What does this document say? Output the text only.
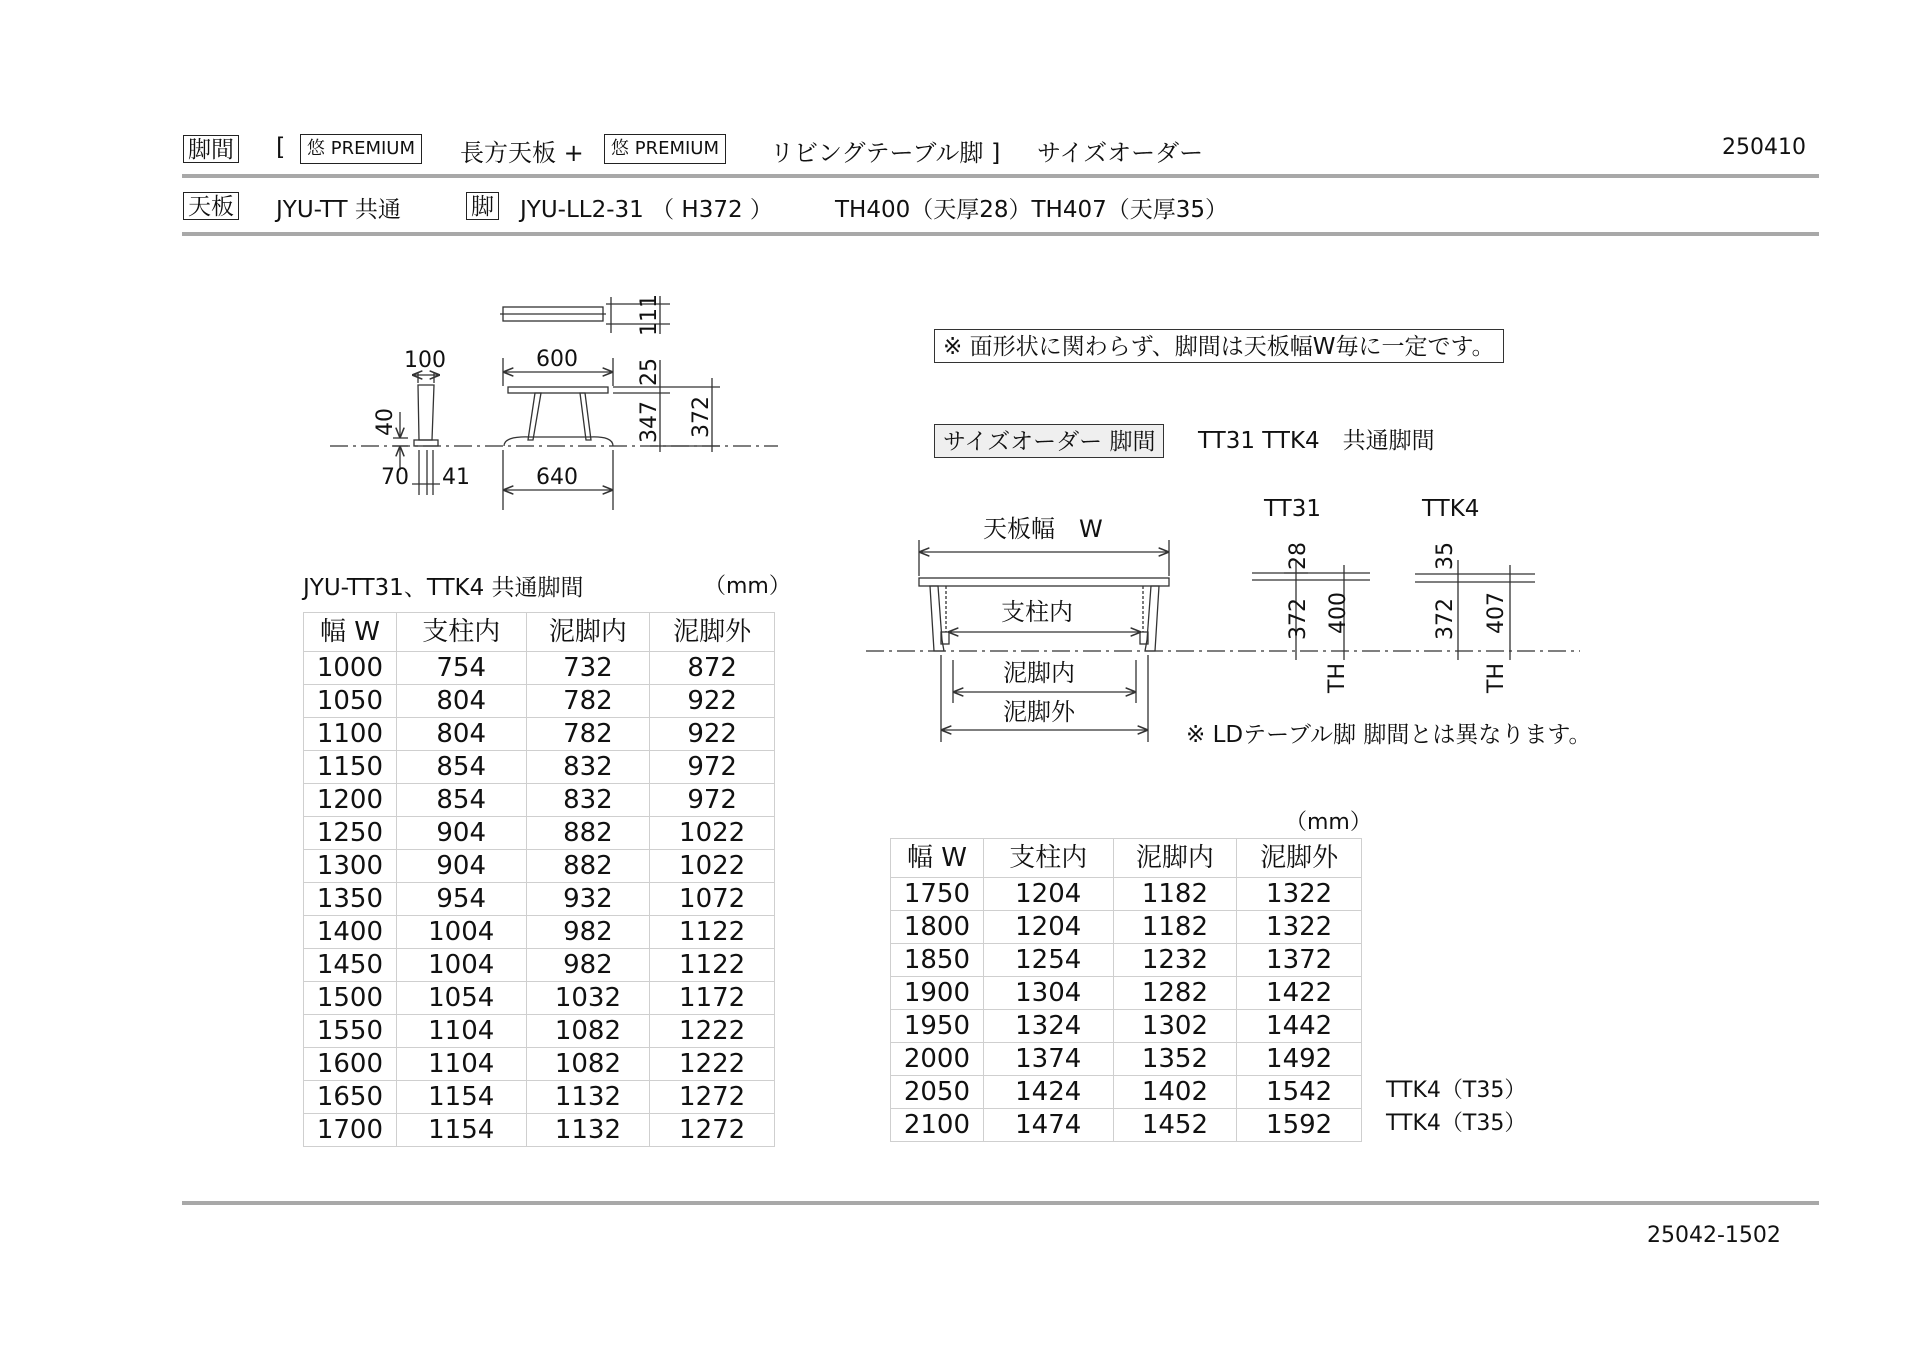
脚間 [	悠 PREMIUM 長方天板 +	悠 PREMIUM リビングテーブル脚 ] サイズオーダー	250410
天板 JYU-TT 共通	脚 JYU-LL2-31 （ H372 ）	TH400（天厚28）TH407（天厚35）
100
40
70 41
600
640
111
25
347 372
天板幅　W
支柱内
泥脚内
泥脚外
TT31	TTK4
28
372 400
TH
35
372 407
TH
※ 面形状に関わらず、脚間は天板幅W毎に一定です。
サイズオーダー 脚間	TT31 TTK4　共通脚間
※ LDテーブル脚 脚間とは異なります。
JYU-TT31、TTK4 共通脚間	（mm）
幅 W	支柱内	泥脚内	泥脚外
1000	754	732	872
1050	804	782	922
1100	804	782	922
1150	854	832	972
1200	854	832	972
1250	904	882	1022
1300	904	882	1022
1350	954	932	1072
1400	1004	982	1122
1450	1004	982	1122
1500	1054	1032	1172
1550	1104	1082	1222
1600	1104	1082	1222
1650	1154	1132	1272
1700	1154	1132	1272
（mm）
幅 W	支柱内	泥脚内	泥脚外
1750	1204	1182	1322
1800	1204	1182	1322
1850	1254	1232	1372
1900	1304	1282	1422
1950	1324	1302	1442
2000	1374	1352	1492
2050	1424	1402	1542
2100	1474	1452	1592
TTK4（T35）
TTK4（T35）
25042-1502
